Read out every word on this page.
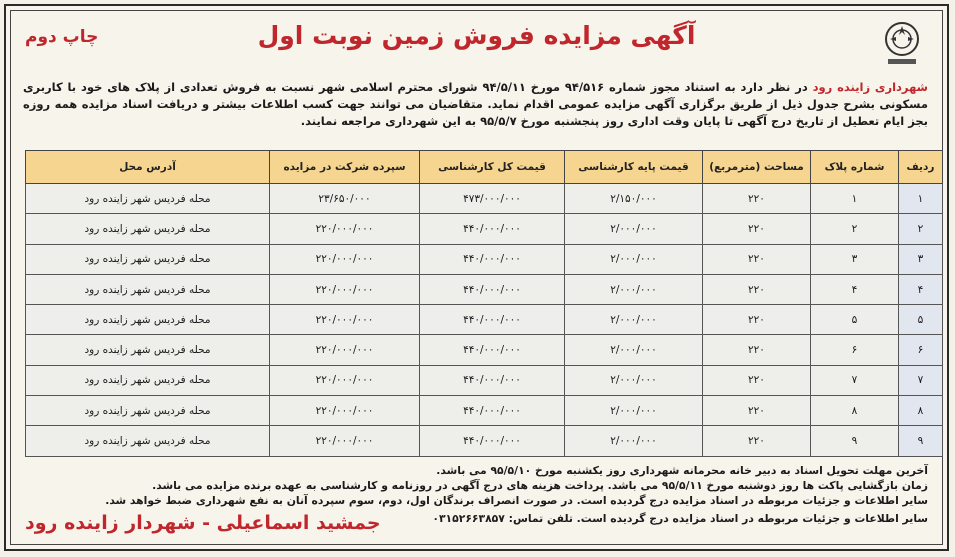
آگهی مزایده فروش زمین نوبت اول
چاپ دوم
شهرداری زاینده رود در نظر دارد به استناد مجوز شماره ۹۴/۵۱۶ مورخ ۹۴/۵/۱۱ شورای محترم اسلامی شهر نسبت به فروش تعدادی از پلاک های خود با کاربری مسکونی بشرح جدول ذیل از طریق برگزاری آگهی مزایده عمومی اقدام نماید. متقاضیان می توانند جهت کسب اطلاعات بیشتر و دریافت اسناد مزایده همه روزه بجز ایام تعطیل از تاریخ درج آگهی تا پایان وقت اداری روز پنجشنبه مورخ ۹۵/۵/۷ به این شهرداری مراجعه نمایند.
ردیف	شماره پلاک	مساحت (مترمربع)	قیمت پایه کارشناسی	قیمت کل کارشناسی	سپرده شرکت در مزایده	آدرس محل
۱	۱	۲۲۰	۲/۱۵۰/۰۰۰	۴۷۳/۰۰۰/۰۰۰	۲۳/۶۵۰/۰۰۰	محله فردیس شهر زاینده رود
۲	۲	۲۲۰	۲/۰۰۰/۰۰۰	۴۴۰/۰۰۰/۰۰۰	۲۲۰/۰۰۰/۰۰۰	محله فردیس شهر زاینده رود
۳	۳	۲۲۰	۲/۰۰۰/۰۰۰	۴۴۰/۰۰۰/۰۰۰	۲۲۰/۰۰۰/۰۰۰	محله فردیس شهر زاینده رود
۴	۴	۲۲۰	۲/۰۰۰/۰۰۰	۴۴۰/۰۰۰/۰۰۰	۲۲۰/۰۰۰/۰۰۰	محله فردیس شهر زاینده رود
۵	۵	۲۲۰	۲/۰۰۰/۰۰۰	۴۴۰/۰۰۰/۰۰۰	۲۲۰/۰۰۰/۰۰۰	محله فردیس شهر زاینده رود
۶	۶	۲۲۰	۲/۰۰۰/۰۰۰	۴۴۰/۰۰۰/۰۰۰	۲۲۰/۰۰۰/۰۰۰	محله فردیس شهر زاینده رود
۷	۷	۲۲۰	۲/۰۰۰/۰۰۰	۴۴۰/۰۰۰/۰۰۰	۲۲۰/۰۰۰/۰۰۰	محله فردیس شهر زاینده رود
۸	۸	۲۲۰	۲/۰۰۰/۰۰۰	۴۴۰/۰۰۰/۰۰۰	۲۲۰/۰۰۰/۰۰۰	محله فردیس شهر زاینده رود
۹	۹	۲۲۰	۲/۰۰۰/۰۰۰	۴۴۰/۰۰۰/۰۰۰	۲۲۰/۰۰۰/۰۰۰	محله فردیس شهر زاینده رود

آخرین مهلت تحویل اسناد به دبیر خانه محرمانه شهرداری روز یکشنبه مورخ ۹۵/۵/۱۰ می باشد.

زمان بازگشایی پاکت ها روز دوشنبه مورخ ۹۵/۵/۱۱ می باشد. پرداخت هزینه های درج آگهی در روزنامه و کارشناسی به عهده برنده مزایده می باشد.

سایر اطلاعات و جزئیات مربوطه در اسناد مزایده درج گردیده است. در صورت انصراف برندگان اول، دوم، سوم سپرده آنان به نفع شهرداری ضبط خواهد شد.

سایر اطلاعات و جزئیات مربوطه در اسناد مزایده درج گردیده است. تلفن تماس: ۰۳۱۵۲۶۶۳۸۵۷

جمشید اسماعیلی - شهردار زاینده رود
